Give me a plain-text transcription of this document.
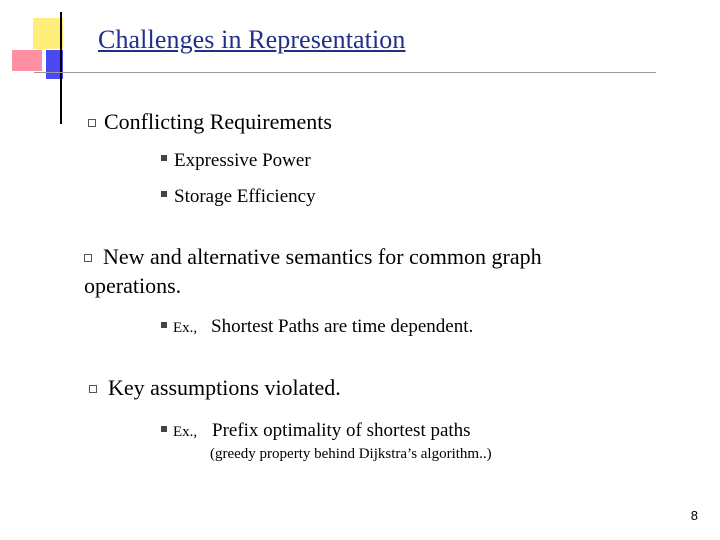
Challenges in Representation
Conflicting Requirements
Expressive Power
Storage Efficiency
New and alternative semantics for common graph
operations.
Ex., Shortest Paths are time dependent.
Key assumptions violated.
Ex., Prefix optimality of shortest paths
(greedy property behind Dijkstra’s algorithm..)
8
